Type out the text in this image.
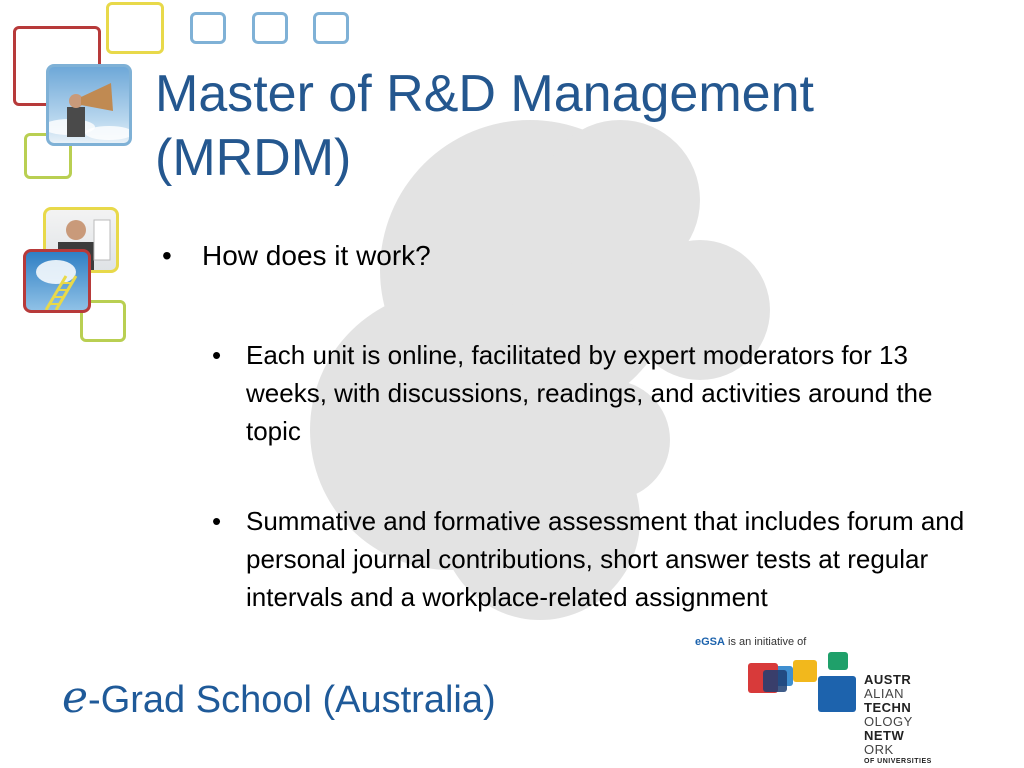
Master of R&D Management
(MRDM)
• How does it work?
• Each unit is online, facilitated by expert moderators for 13 weeks, with discussions, readings, and activities around the topic
• Summative and formative assessment that includes forum and personal journal contributions, short answer tests at regular intervals and a workplace-related assignment
eGSA is an initiative of
e-Grad School (Australia)	AUSTR
ALIAN
TECHN
OLOGY
NETW
ORK
OF UNIVERSITIES
